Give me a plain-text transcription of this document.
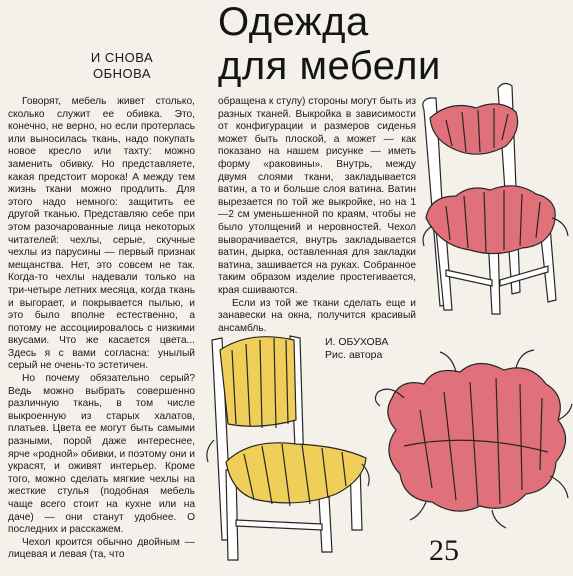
Одежда
для мебели
И СНОВА
ОБНОВА

Говорят, мебель живет столько, сколько служит ее обивка. Это, конечно, не верно, но если протерлась или выносилась ткань, надо покупать новое кресло или тахту: можно заменить обивку. Но представляете, какая предстоит морока! А между тем жизнь ткани можно продлить. Для этого надо немного: защитить ее другой тканью. Представляю себе при этом разочарованные лица некоторых читателей: чехлы, серые, скучные чехлы из парусины — первый признак мещанства. Нет, это совсем не так. Когда-то чехлы надевали только на три-четыре летних месяца, когда ткань и выгорает, и покрывается пылью, и это было вполне естественно, а потому не ассоциировалось с низкими вкусами. Что же касается цвета... Здесь я с вами согласна: унылый серый не очень-то эстетичен.

Но почему обязательно серый? Ведь можно выбрать совершенно различную ткань, в том числе выкроенную из старых халатов, платьев. Цвета ее могут быть самыми разными, порой даже интереснее, ярче «родной» обивки, и поэтому они и украсят, и оживят интерьер. Кроме того, можно сделать мягкие чехлы на жесткие стулья (подобная мебель чаще всего стоит на кухне или на даче) — они станут удобнее. О последних и расскажем.

Чехол кроится обычно двойным — лицевая и левая (та, что

обращена к стулу) стороны могут быть из разных тканей. Выкройка в зависимости от конфигурации и размеров сиденья может быть плоской, а может — как показано на нашем рисунке — иметь форму «раковины». Внутрь, между двумя слоями ткани, закладывается ватин, а то и больше слоя ватина. Ватин вырезается по той же выкройке, но на 1—2 см уменьшенной по краям, чтобы не было утолщений и неровностей. Чехол выворачивается, внутрь закладывается ватин, дырка, оставленная для закладки ватина, зашивается на руках. Собранное таким образом изделие простегивается, края сшиваются.

Если из той же ткани сделать еще и занавески на окна, получится красивый ансамбль.

И. ОБУХОВА
Рис. автора
25
